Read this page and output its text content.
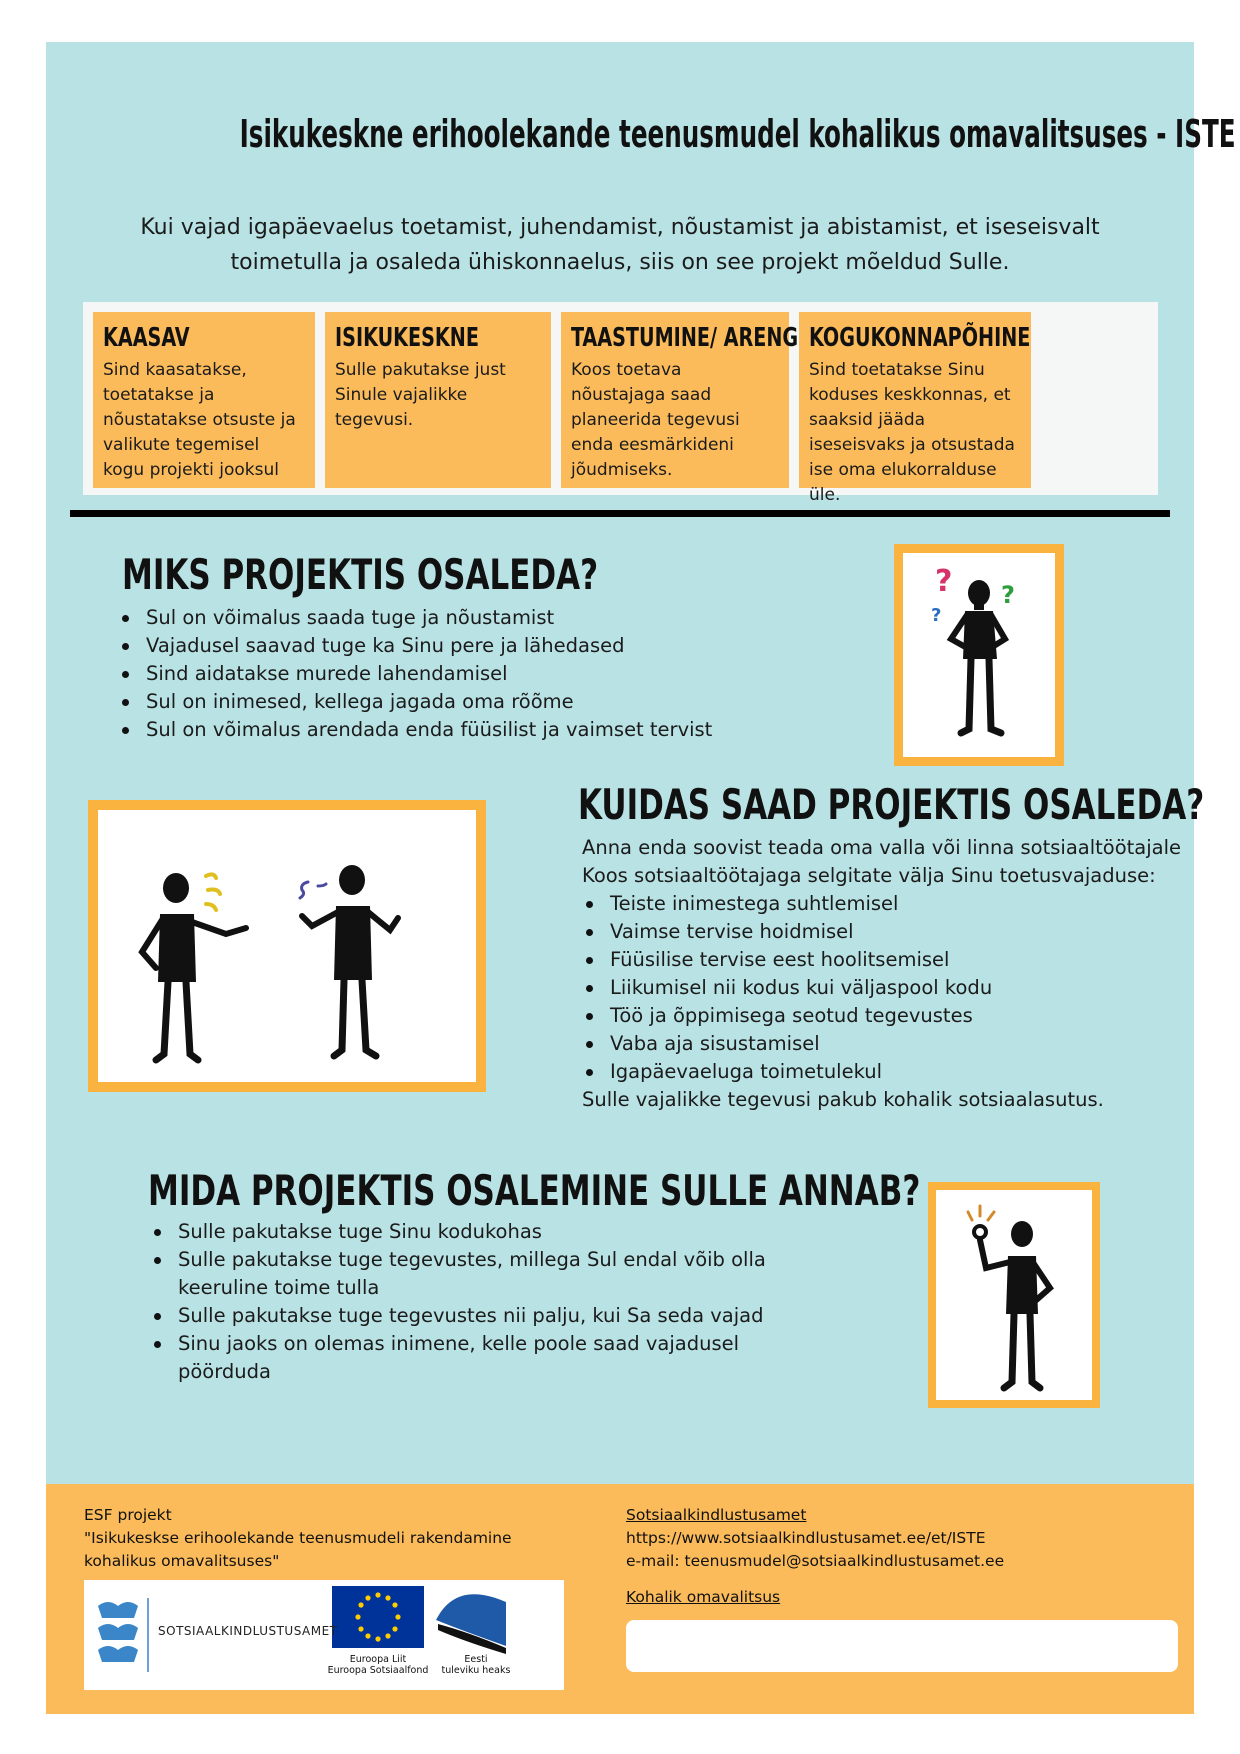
Isikukeskne erihoolekande teenusmudel kohalikus omavalitsuses - ISTE
Kui vajad igapäevaelus toetamist, juhendamist, nõustamist ja abistamist, et iseseisvalt toimetulla ja osaleda ühiskonnaelus, siis on see projekt mõeldud Sulle.
KAASAV
Sind kaasatakse, toetatakse ja nõustatakse otsuste ja valikute tegemisel kogu projekti jooksul
ISIKUKESKNE
Sulle pakutakse just Sinule vajalikke tegevusi.
TAASTUMINE/ ARENG
Koos toetava nõustajaga saad planeerida tegevusi enda eesmärkideni jõudmiseks.
KOGUKONNAPÕHINE
Sind toetatakse Sinu koduses keskkonnas, et saaksid jääda iseseisvaks ja otsustada ise oma elukorralduse üle.
MIKS PROJEKTIS OSALEDA?
Sul on võimalus saada tuge ja nõustamist
Vajadusel saavad tuge ka Sinu pere ja lähedased
Sind aidatakse murede lahendamisel
Sul on inimesed, kellega jagada oma rõõme
Sul on võimalus arendada enda füüsilist ja vaimset tervist
? ?
?
KUIDAS SAAD PROJEKTIS OSALEDA?
Anna enda soovist teada oma valla või linna sotsiaaltöötajale
Koos sotsiaaltöötajaga selgitate välja Sinu toetusvajaduse:
Teiste inimestega suhtlemisel
Vaimse tervise hoidmisel
Füüsilise tervise eest hoolitsemisel
Liikumisel nii kodus kui väljaspool kodu
Töö ja õppimisega seotud tegevustes
Vaba aja sisustamisel
Igapäevaeluga toimetulekul
Sulle vajalikke tegevusi pakub kohalik sotsiaalasutus.
MIDA PROJEKTIS OSALEMINE SULLE ANNAB?
Sulle pakutakse tuge Sinu kodukohas
Sulle pakutakse tuge tegevustes, millega Sul endal võib olla keeruline toime tulla
Sulle pakutakse tuge tegevustes nii palju, kui Sa seda vajad
Sinu jaoks on olemas inimene, kelle poole saad vajadusel pöörduda
ESF projekt
"Isikukeskse erihoolekande teenusmudeli rakendamine
kohalikus omavalitsuses"
SOTSIAALKINDLUSTUSAMET
Euroopa Liit
Euroopa Sotsiaalfond
Eesti
tuleviku heaks
Sotsiaalkindlustusamet
https://www.sotsiaalkindlustusamet.ee/et/ISTE
e-mail: teenusmudel@sotsiaalkindlustusamet.ee
Kohalik omavalitsus
